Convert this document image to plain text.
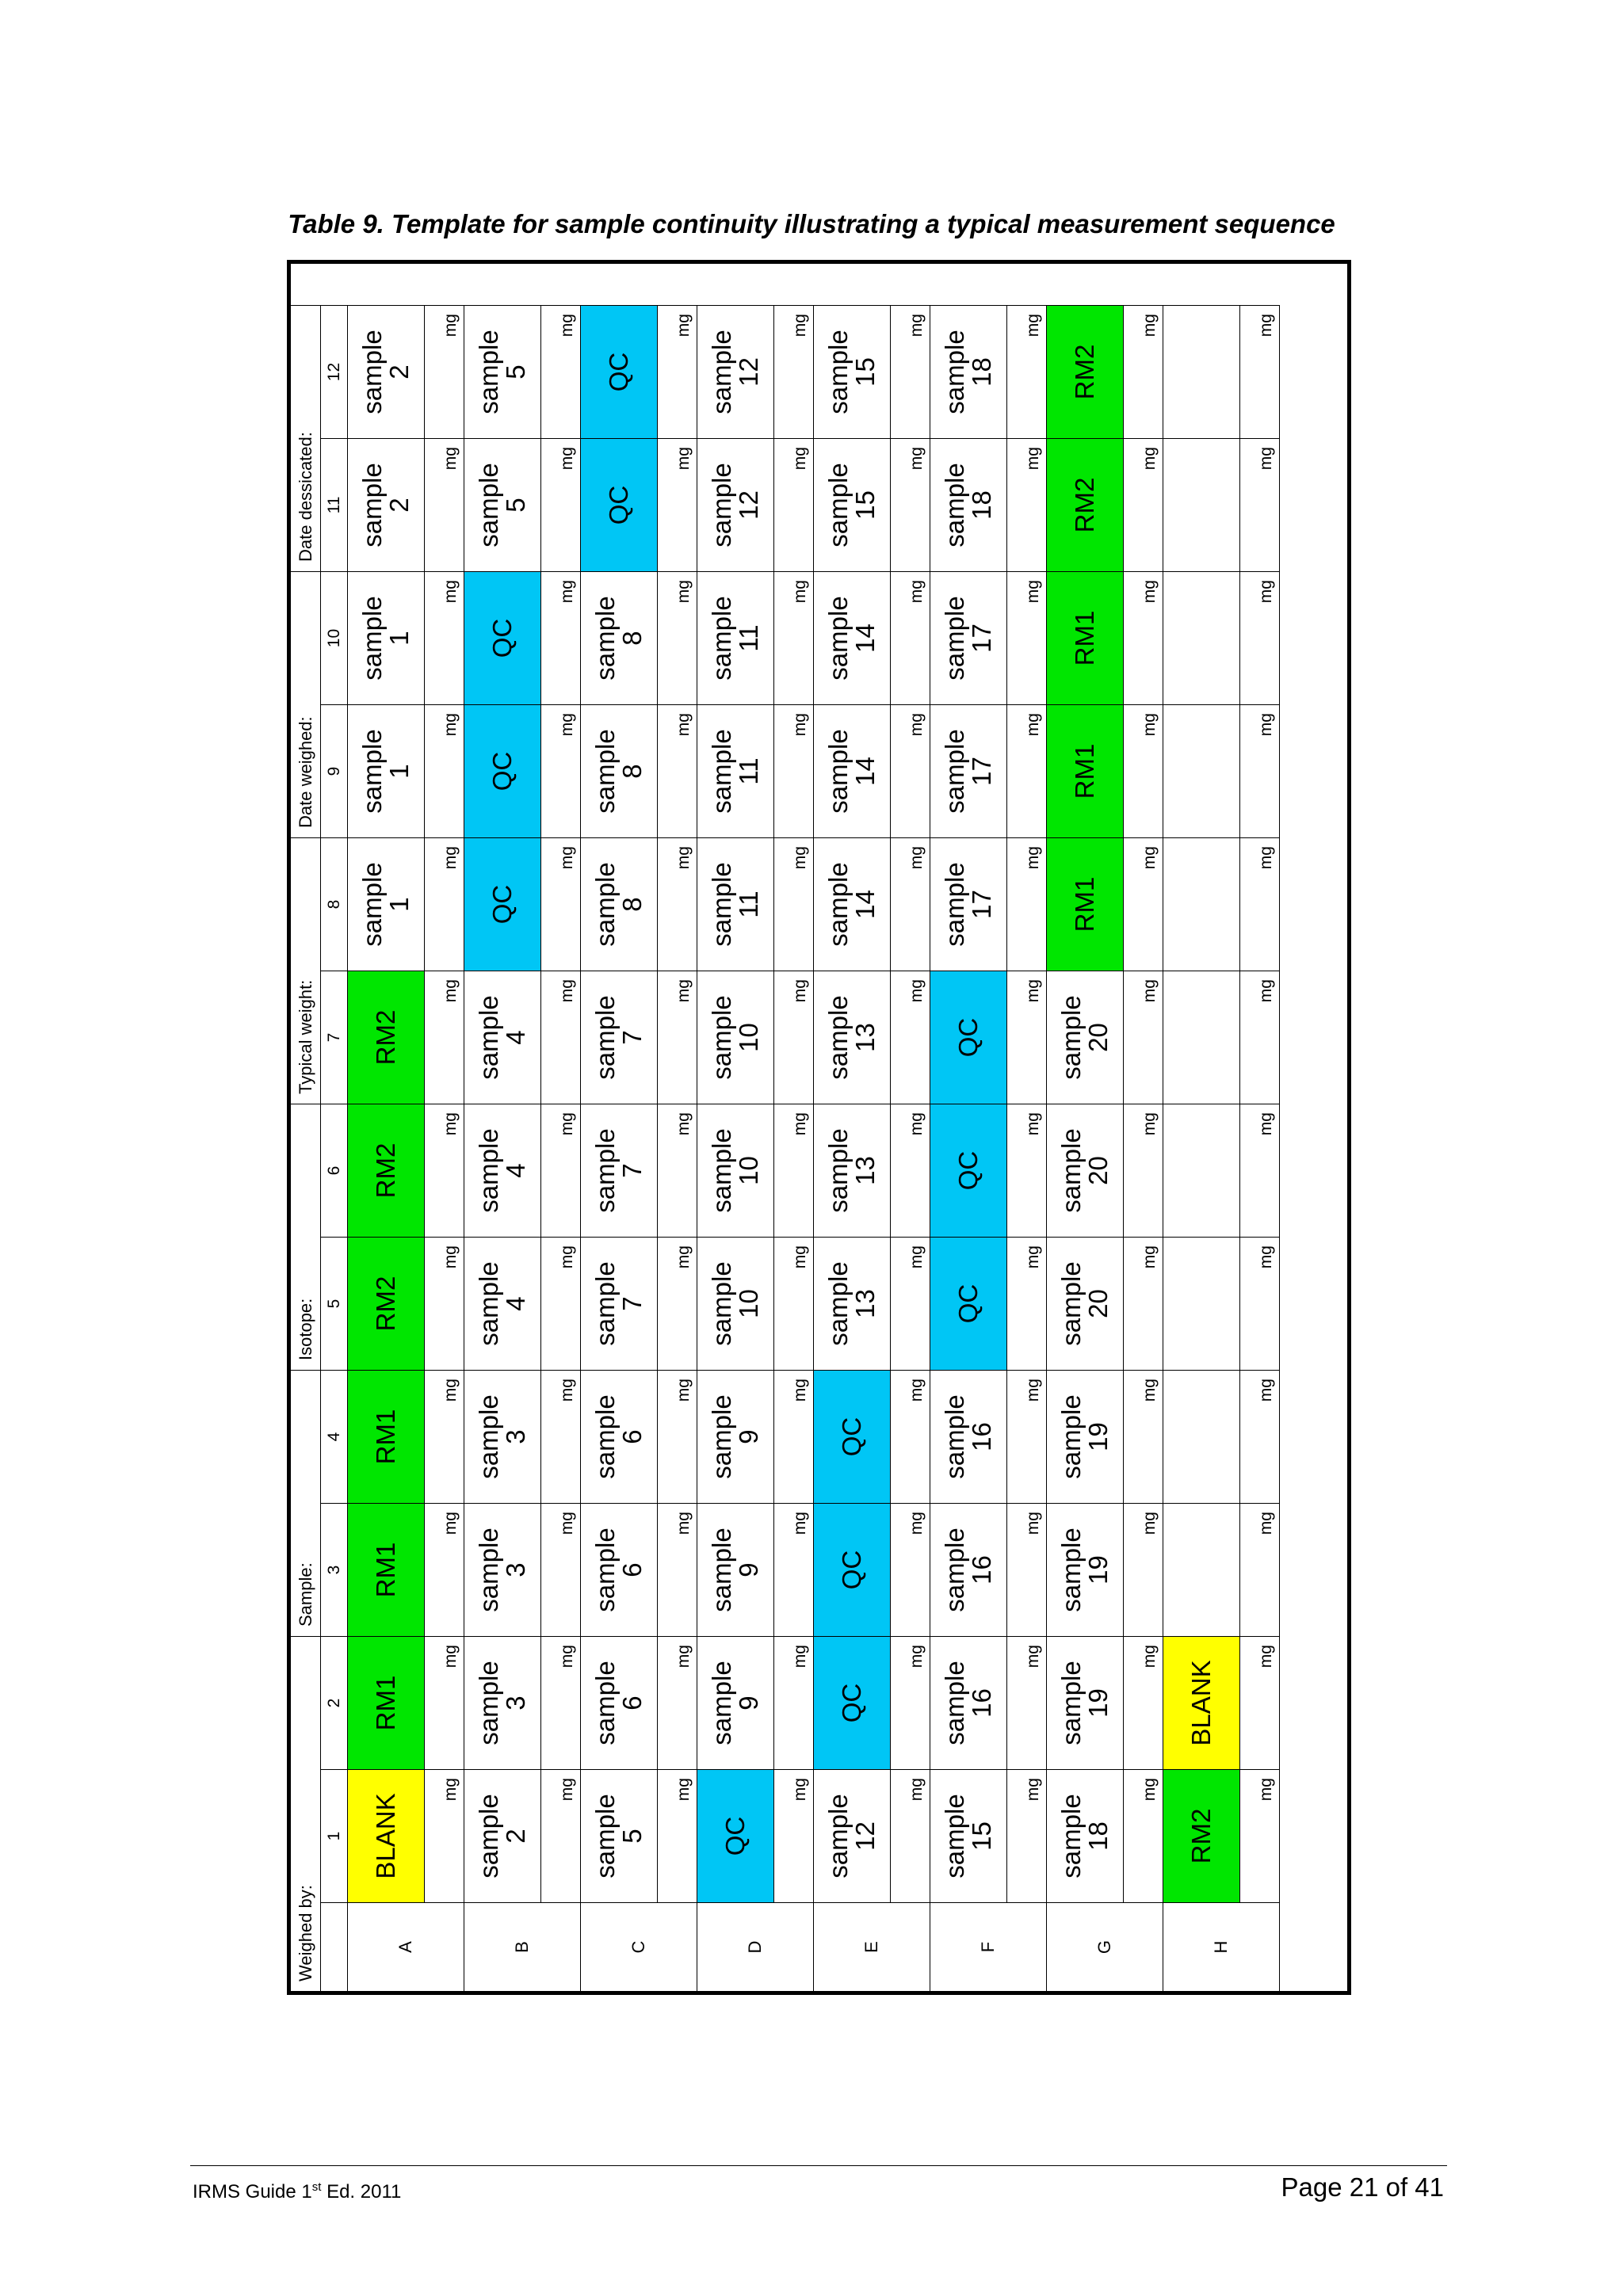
Table 9. Template for sample continuity illustrating a typical measurement sequence
Weighed by:
Sample:
Isotope:
Typical weight:
Date weighed:
Date dessicated:
1
2
3
4
5
6
7
8
9
10
11
12
A
BLANK
mg
RM1
mg
RM1
mg
RM1
mg
RM2
mg
RM2
mg
RM2
mg
sample
1
mg
sample
1
mg
sample
1
mg
sample
2
mg
sample
2
mg
B
sample
2
mg
sample
3
mg
sample
3
mg
sample
3
mg
sample
4
mg
sample
4
mg
sample
4
mg
QC
mg
QC
mg
QC
mg
sample
5
mg
sample
5
mg
C
sample
5
mg
sample
6
mg
sample
6
mg
sample
6
mg
sample
7
mg
sample
7
mg
sample
7
mg
sample
8
mg
sample
8
mg
sample
8
mg
QC
mg
QC
mg
D
QC
mg
sample
9
mg
sample
9
mg
sample
9
mg
sample
10
mg
sample
10
mg
sample
10
mg
sample
11
mg
sample
11
mg
sample
11
mg
sample
12
mg
sample
12
mg
E
sample
12
mg
QC
mg
QC
mg
QC
mg
sample
13
mg
sample
13
mg
sample
13
mg
sample
14
mg
sample
14
mg
sample
14
mg
sample
15
mg
sample
15
mg
F
sample
15
mg
sample
16
mg
sample
16
mg
sample
16
mg
QC
mg
QC
mg
QC
mg
sample
17
mg
sample
17
mg
sample
17
mg
sample
18
mg
sample
18
mg
G
sample
18
mg
sample
19
mg
sample
19
mg
sample
19
mg
sample
20
mg
sample
20
mg
sample
20
mg
RM1
mg
RM1
mg
RM1
mg
RM2
mg
RM2
mg
H
RM2
mg
BLANK
mg
mg
mg
mg
mg
mg
mg
mg
mg
mg
mg
IRMS Guide 1st Ed. 2011	Page 21 of 41
